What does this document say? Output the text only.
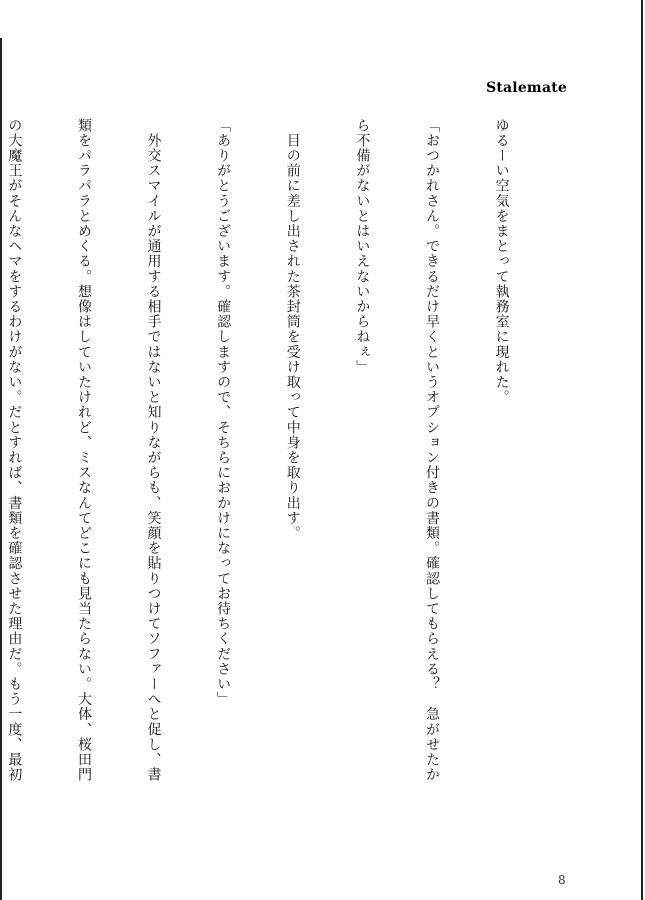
Stalemate

ゆるーい空気をまとって執務室に現れた。

「おつかれさん。できるだけ早くというオプション付きの書類。確認してもらえる？　急がせたか

ら不備がないとはいえないからねぇ」

　目の前に差し出された茶封筒を受け取って中身を取り出す。

「ありがとうございます。確認しますので、そちらにおかけになってお待ちください」

　外交スマイルが通用する相手ではないと知りながらも、笑顔を貼りつけてソファーへと促し、書

類をパラパラとめくる。想像はしていたけれど、ミスなんてどこにも見当たらない。大体、桜田門

の大魔王がそんなヘマをするわけがない。だとすれば、書類を確認させた理由だ。もう一度、最初

8
